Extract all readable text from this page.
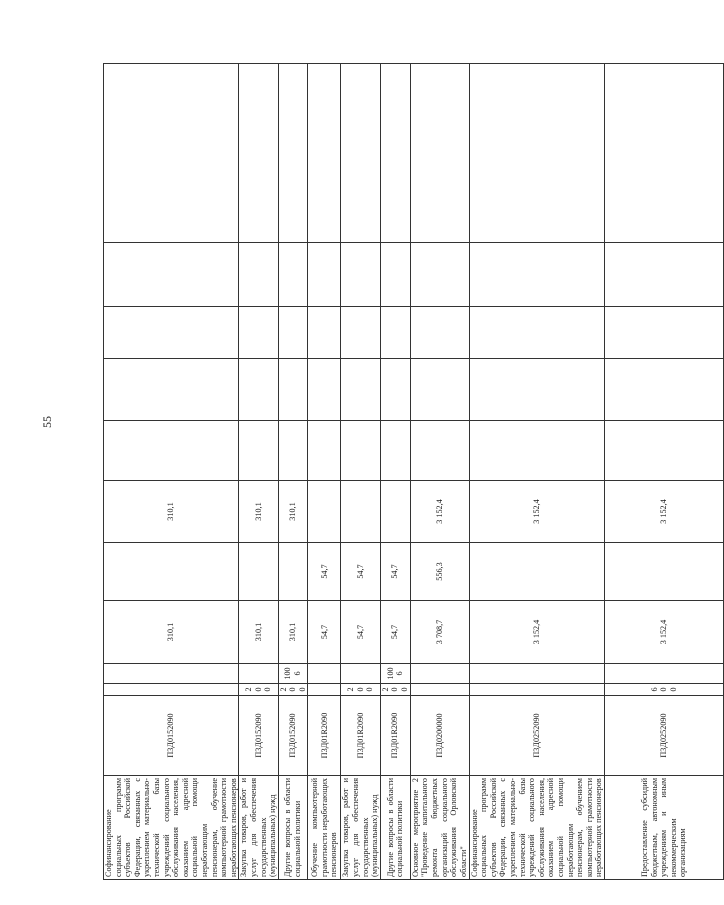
55
Софинансирование социальных программ субъектов Российской Федерации, связанных с укреплением материально-технической базы учреждений социального обслуживания населения, оказанием адресной социальной помощи неработающим пенсионерам, обучение компьютерной грамотности неработающих пенсионеров	П3Д0152090			310,1		310,1					
Закупка товаров, работ и услуг для обеспечения государственных (муниципальных) нужд	П3Д0152090	200		310,1		310,1					
Другие вопросы в области социальной политики	П3Д0152090	200	1006	310,1		310,1					
Обучение компьютерной грамотности неработающих пенсионеров	П3Д01R2090			54,7	54,7						
Закупка товаров, работ и услуг для обеспечения государственных (муниципальных) нужд	П3Д01R2090	200		54,7	54,7						
Другие вопросы в области социальной политики	П3Д01R2090	200	1006	54,7	54,7						
Основное мероприятие 2 "Проведение капитального ремонта бюджетных организаций социального обслуживания Орловской области"	П3Д0200000			3 708,7	556,3	3 152,4					
Софинансирование социальных программ субъектов Российской Федерации, связанных с укреплением материально-технической базы учреждений социального обслуживания населения, оказанием адресной социальной помощи неработающим пенсионерам, обучением компьютерной грамотности неработающих пенсионеров	П3Д0252090			3 152,4		3 152,4					
Предоставление субсидий бюджетным, автономным учреждениям и иным некоммерческим организациям	П3Д0252090	600		3 152,4		3 152,4					
